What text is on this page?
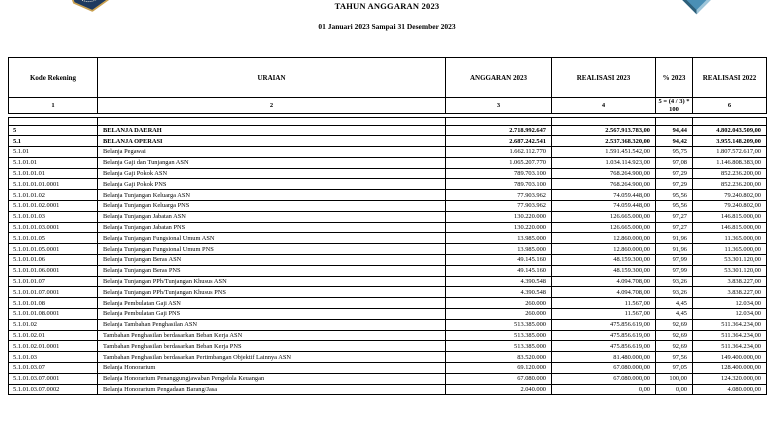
TAHUN ANGGARAN 2023
01 Januari 2023 Sampai 31 Desember 2023
Kode Rekening	URAIAN	ANGGARAN 2023	REALISASI 2023	% 2023	REALISASI 2022
1	2	3	4	5 = (4 / 3) * 100	6

5	BELANJA DAERAH	2.718.992.647	2.567.913.783,00	94,44	4.802.043.509,00
5.1	BELANJA OPERASI	2.687.242.541	2.537.368.320,00	94,42	3.955.148.209,00
5.1.01	Belanja Pegawai	1.662.112.770	1.591.451.542,00	95,75	1.807.572.617,00
5.1.01.01	Belanja Gaji dan Tunjangan ASN	1.065.207.770	1.034.114.923,00	97,08	1.146.808.383,00
5.1.01.01.01	Belanja Gaji Pokok ASN	789.703.100	768.264.900,00	97,29	852.236.200,00
5.1.01.01.01.0001	Belanja Gaji Pokok PNS	789.703.100	768.264.900,00	97,29	852.236.200,00
5.1.01.01.02	Belanja Tunjangan Keluarga ASN	77.903.962	74.059.448,00	95,56	79.240.802,00
5.1.01.01.02.0001	Belanja Tunjangan Keluarga PNS	77.903.962	74.059.448,00	95,56	79.240.802,00
5.1.01.01.03	Belanja Tunjangan Jabatan ASN	130.220.000	126.665.000,00	97,27	146.815.000,00
5.1.01.01.03.0001	Belanja Tunjangan Jabatan PNS	130.220.000	126.665.000,00	97,27	146.815.000,00
5.1.01.01.05	Belanja Tunjangan Fungsional Umum ASN	13.985.000	12.860.000,00	91,96	11.365.000,00
5.1.01.01.05.0001	Belanja Tunjangan Fungsional Umum PNS	13.985.000	12.860.000,00	91,96	11.365.000,00
5.1.01.01.06	Belanja Tunjangan Beras ASN	49.145.160	48.159.300,00	97,99	53.301.120,00
5.1.01.01.06.0001	Belanja Tunjangan Beras PNS	49.145.160	48.159.300,00	97,99	53.301.120,00
5.1.01.01.07	Belanja Tunjangan PPh/Tunjangan Khusus ASN	4.390.548	4.094.708,00	93,26	3.838.227,00
5.1.01.01.07.0001	Belanja Tunjangan PPh/Tunjangan Khusus PNS	4.390.548	4.094.708,00	93,26	3.838.227,00
5.1.01.01.08	Belanja Pembulatan Gaji ASN	260.000	11.567,00	4,45	12.034,00
5.1.01.01.08.0001	Belanja Pembulatan Gaji PNS	260.000	11.567,00	4,45	12.034,00
5.1.01.02	Belanja Tambahan Penghasilan ASN	513.385.000	475.856.619,00	92,69	511.364.234,00
5.1.01.02.01	Tambahan Penghasilan berdasarkan Beban Kerja ASN	513.385.000	475.856.619,00	92,69	511.364.234,00
5.1.01.02.01.0001	Tambahan Penghasilan berdasarkan Beban Kerja PNS	513.385.000	475.856.619,00	92,69	511.364.234,00
5.1.01.03	Tambahan Penghasilan berdasarkan Pertimbangan Objektif Lainnya ASN	83.520.000	81.480.000,00	97,56	149.400.000,00
5.1.01.03.07	Belanja Honorarium	69.120.000	67.080.000,00	97,05	128.400.000,00
5.1.01.03.07.0001	Belanja Honorarium Penanggungjawaban Pengelola Keuangan	67.080.000	67.080.000,00	100,00	124.320.000,00
5.1.01.03.07.0002	Belanja Honorarium Pengadaan Barang/Jasa	2.040.000	0,00	0,00	4.080.000,00
